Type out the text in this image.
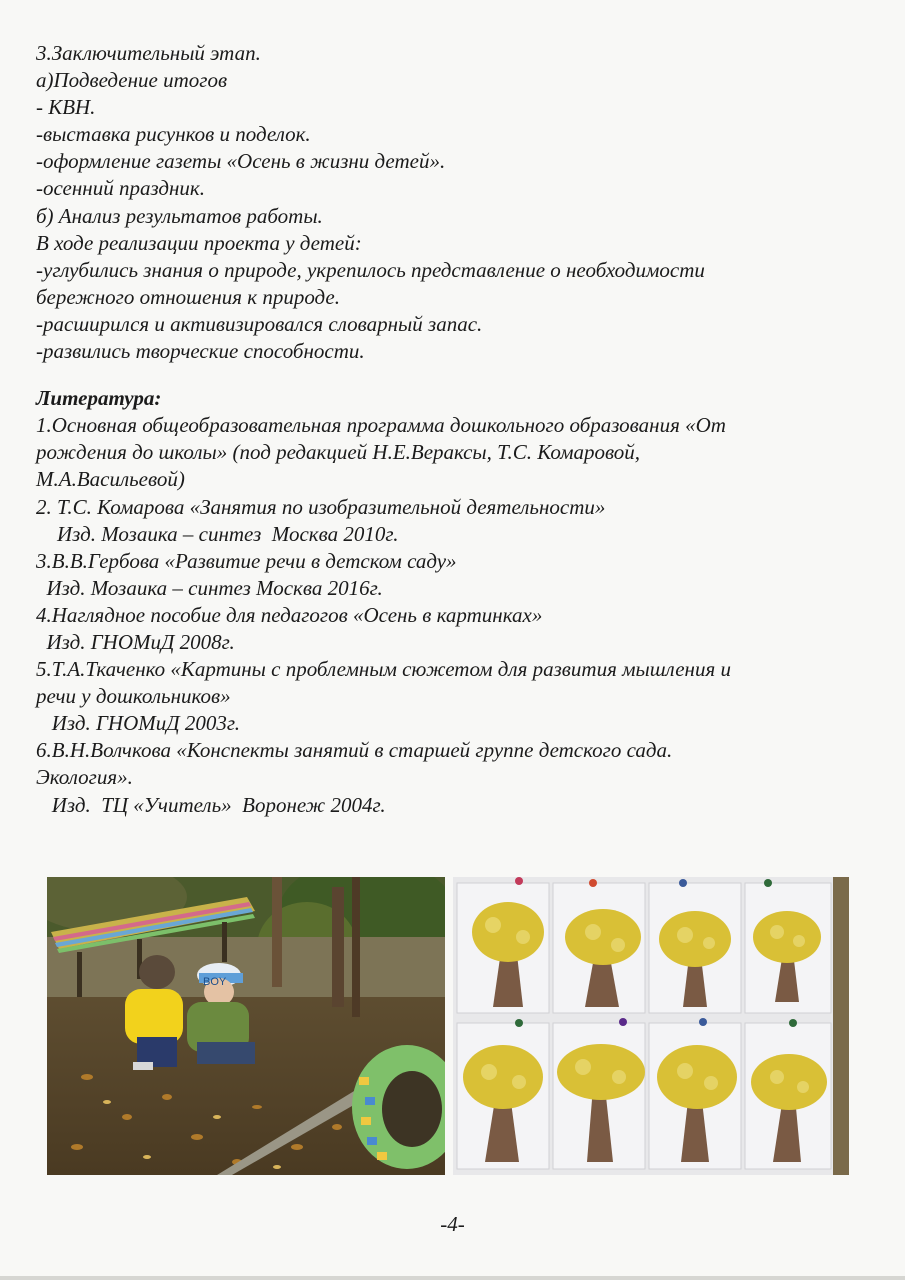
3.Заключительный этап.
а)Подведение итогов
- КВН.
-выставка рисунков и поделок.
-оформление газеты «Осень в жизни детей».
-осенний праздник.
б) Анализ результатов работы.
В ходе реализации проекта у детей:
-углубились знания о природе, укрепилось представление о необходимости
бережного отношения к природе.
-расширился и активизировался словарный запас.
-развились творческие способности.
Литература:
1.Основная общеобразовательная программа дошкольного образования «От
рождения до школы» (под редакцией Н.Е.Вераксы, Т.С. Комаровой,
М.А.Васильевой)
2. Т.С. Комарова «Занятия по изобразительной деятельности»
Изд. Мозаика – синтез  Москва 2010г.
3.В.В.Гербова «Развитие речи в детском саду»
Изд. Мозаика – синтез Москва 2016г.
4.Наглядное пособие для педагогов «Осень в картинках»
Изд. ГНОМиД 2008г.
5.Т.А.Ткаченко «Картины с проблемным сюжетом для развития мышления и
речи у дошкольников»
Изд. ГНОМиД 2003г.
6.В.Н.Волчкова «Конспекты занятий в старшей группе детского сада.
Экология».
Изд.  ТЦ «Учитель»  Воронеж 2004г.
BOY
-4-
